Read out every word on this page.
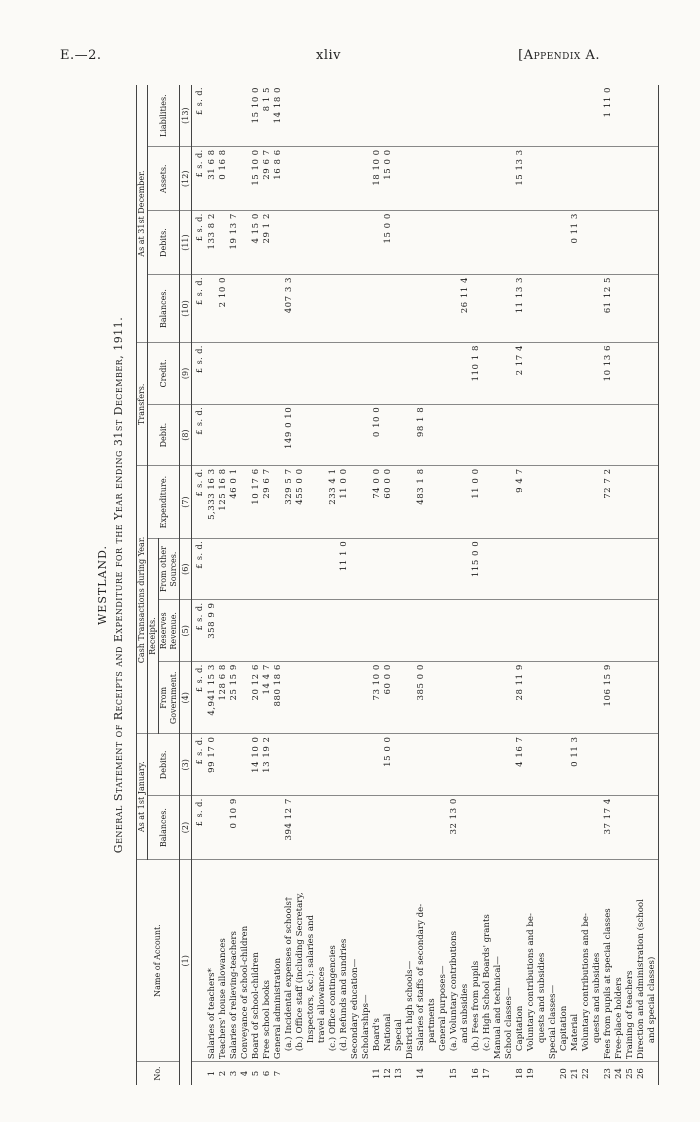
E.—2.	xliv	[Appendix A.
WESTLAND. General Statement of Receipts and Expenditure for the Year ending 31st December, 1911.
No.	Name of Account.	As at 1st January.		Cash Transactions during Year.				Transfers.		As at 31st December.			
		Balances.	Debits.	Receipts.			Expenditure.	Debit.	Credit.	Balances.	Debits.	Assets.	Liabilities.
				From Government.	Reserves Revenue.	From other Sources.							
	(1)	(2)	(3)	(4)	(5)	(6)	(7)	(8)	(9)	(10)	(11)	(12)	(13)
		£ s. d.	£ s. d.	£ s. d.	£ s. d.	£ s. d.	£ s. d.	£ s. d.	£ s. d.	£ s. d.	£ s. d.	£ s. d.	£ s. d.
1	Salaries of teachers*		99 17 0	4,941 15 3	358 9 9		5,333 16 3				133 8 2	31 6 8	
2	Teachers' house allowances			128 6 8			125 16 8			2 10 0		0 16 8	
3	Salaries of relieving-teachers	0 10 9		25 15 9			46 0 1				19 13 7		
4	Conveyance of school-children												
5	Board of school-children		14 10 0	20 12 6			10 17 6				4 15 0	15 10 0	15 10 0
6	Free school books		13 19 2	14 4 7			29 6 7				29 1 2	29 6 7	8 1 5
7	General administration			880 18 6								16 8 6	14 18 0
	(a.) Incidental expenses of schools†	394 12 7					329 5 7	149 0 10		407 3 3			
	(b.) Office staff (including Secretary,						455 0 0						
	Inspectors, &c.): salaries and												
	travel allowances												
	(c.) Office contingencies						233 4 1						
	(d.) Refunds and sundries					11 1 0	11 0 0						
	Secondary education—												
	Scholarships—												
11	Board's			73 10 0			74 0 0	0 10 0				18 10 0	
12	National		15 0 0	60 0 0			60 0 0				15 0 0	15 0 0	
13	Special												
	District high schools—												
14	Salaries of staffs of secondary de-			385 0 0			483 1 8	98 1 8					
	partments												
	General purposes—												
15	(a.) Voluntary contributions	32 13 0											
	and subsidies									26 11 4			
16	(b.) Fees from pupils					115 0 0	11 0 0		110 1 8				
17	(c.) High School Boards' grants												
	Manual and technical—												
	School classes—												
18	Capitation		4 16 7	28 11 9			9 4 7		2 17 4	11 13 3		15 13 3	
19	Voluntary contributions and be-												
	quests and subsidies												
	Special classes—												
20	Capitation												
21	Material		0 11 3								0 11 3		
22	Voluntary contributions and be-												
	quests and subsidies												
23	Fees from pupils at special classes	37 17 4		106 15 9			72 7 2		10 13 6	61 12 5			1 11 0
24	Free-place holders												
25	Training of teachers												
26	Direction and administration (school												
	and special classes)												
